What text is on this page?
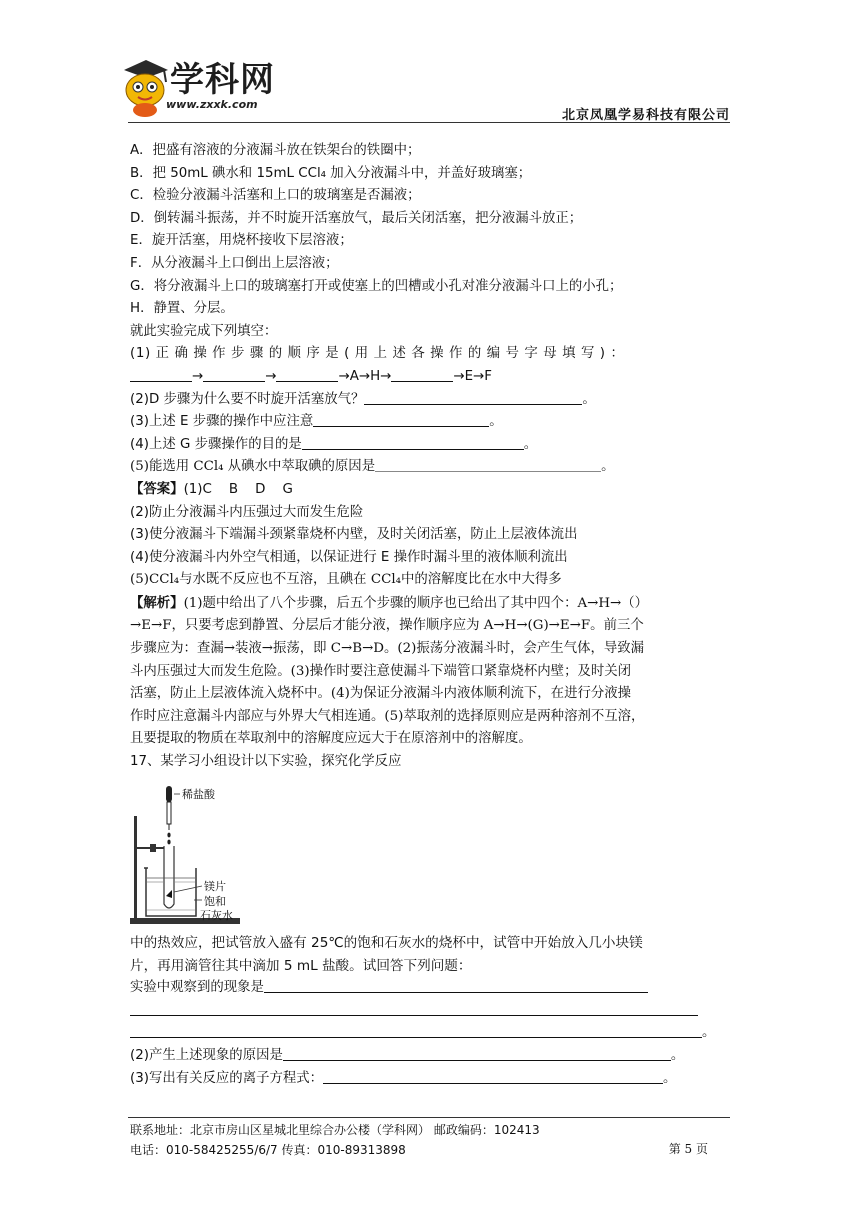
学科网
www.zxxk.com
北京凤凰学易科技有限公司
A．把盛有溶液的分液漏斗放在铁架台的铁圈中；
B．把 50mL 碘水和 15mL CCl₄ 加入分液漏斗中，并盖好玻璃塞；
C．检验分液漏斗活塞和上口的玻璃塞是否漏液；
D．倒转漏斗振荡，并不时旋开活塞放气，最后关闭活塞，把分液漏斗放正；
E．旋开活塞，用烧杯接收下层溶液；
F．从分液漏斗上口倒出上层溶液；
G．将分液漏斗上口的玻璃塞打开或使塞上的凹槽或小孔对准分液漏斗口上的小孔；
H．静置、分层。
就此实验完成下列填空：
(1) 正 确 操 作 步 骤 的 顺 序 是 ( 用 上 述 各 操 作 的 编 号 字 母 填 写 ) ：
→	→	→A→H→	→E→F
(2)D 步骤为什么要不时旋开活塞放气？	。
(3)上述 E 步骤的操作中应注意	。
(4)上述 G 步骤操作的目的是	。
(5)能选用 CCl₄ 从碘水中萃取碘的原因是	。
【答案】(1)C    B    D    G
(2)防止分液漏斗内压强过大而发生危险
(3)使分液漏斗下端漏斗颈紧靠烧杯内壁，及时关闭活塞，防止上层液体流出
(4)使分液漏斗内外空气相通，以保证进行 E 操作时漏斗里的液体顺利流出
(5)CCl₄与水既不反应也不互溶，且碘在 CCl₄中的溶解度比在水中大得多
【解析】(1)题中给出了八个步骤，后五个步骤的顺序也已给出了其中四个：A→H→（）
→E→F，只要考虑到静置、分层后才能分液，操作顺序应为 A→H→(G)→E→F。前三个
步骤应为：查漏→装液→振荡，即 C→B→D。(2)振荡分液漏斗时，会产生气体，导致漏
斗内压强过大而发生危险。(3)操作时要注意使漏斗下端管口紧靠烧杯内壁；及时关闭
活塞，防止上层液体流入烧杯中。(4)为保证分液漏斗内液体顺利流下，在进行分液操
作时应注意漏斗内部应与外界大气相连通。(5)萃取剂的选择原则应是两种溶剂不互溶，
且要提取的物质在萃取剂中的溶解度应远大于在原溶剂中的溶解度。
17、某学习小组设计以下实验，探究化学反应
稀盐酸
镁片
饱和
石灰水
中的热效应，把试管放入盛有 25℃的饱和石灰水的烧杯中，试管中开始放入几小块镁
片，再用滴管往其中滴加 5 mL 盐酸。试回答下列问题：
实验中观察到的现象是
。
(2)产生上述现象的原因是	。
(3)写出有关反应的离子方程式：	。
联系地址：北京市房山区星城北里综合办公楼（学科网） 邮政编码：102413
电话：010-58425255/6/7 传真：010-89313898	第 5 页
